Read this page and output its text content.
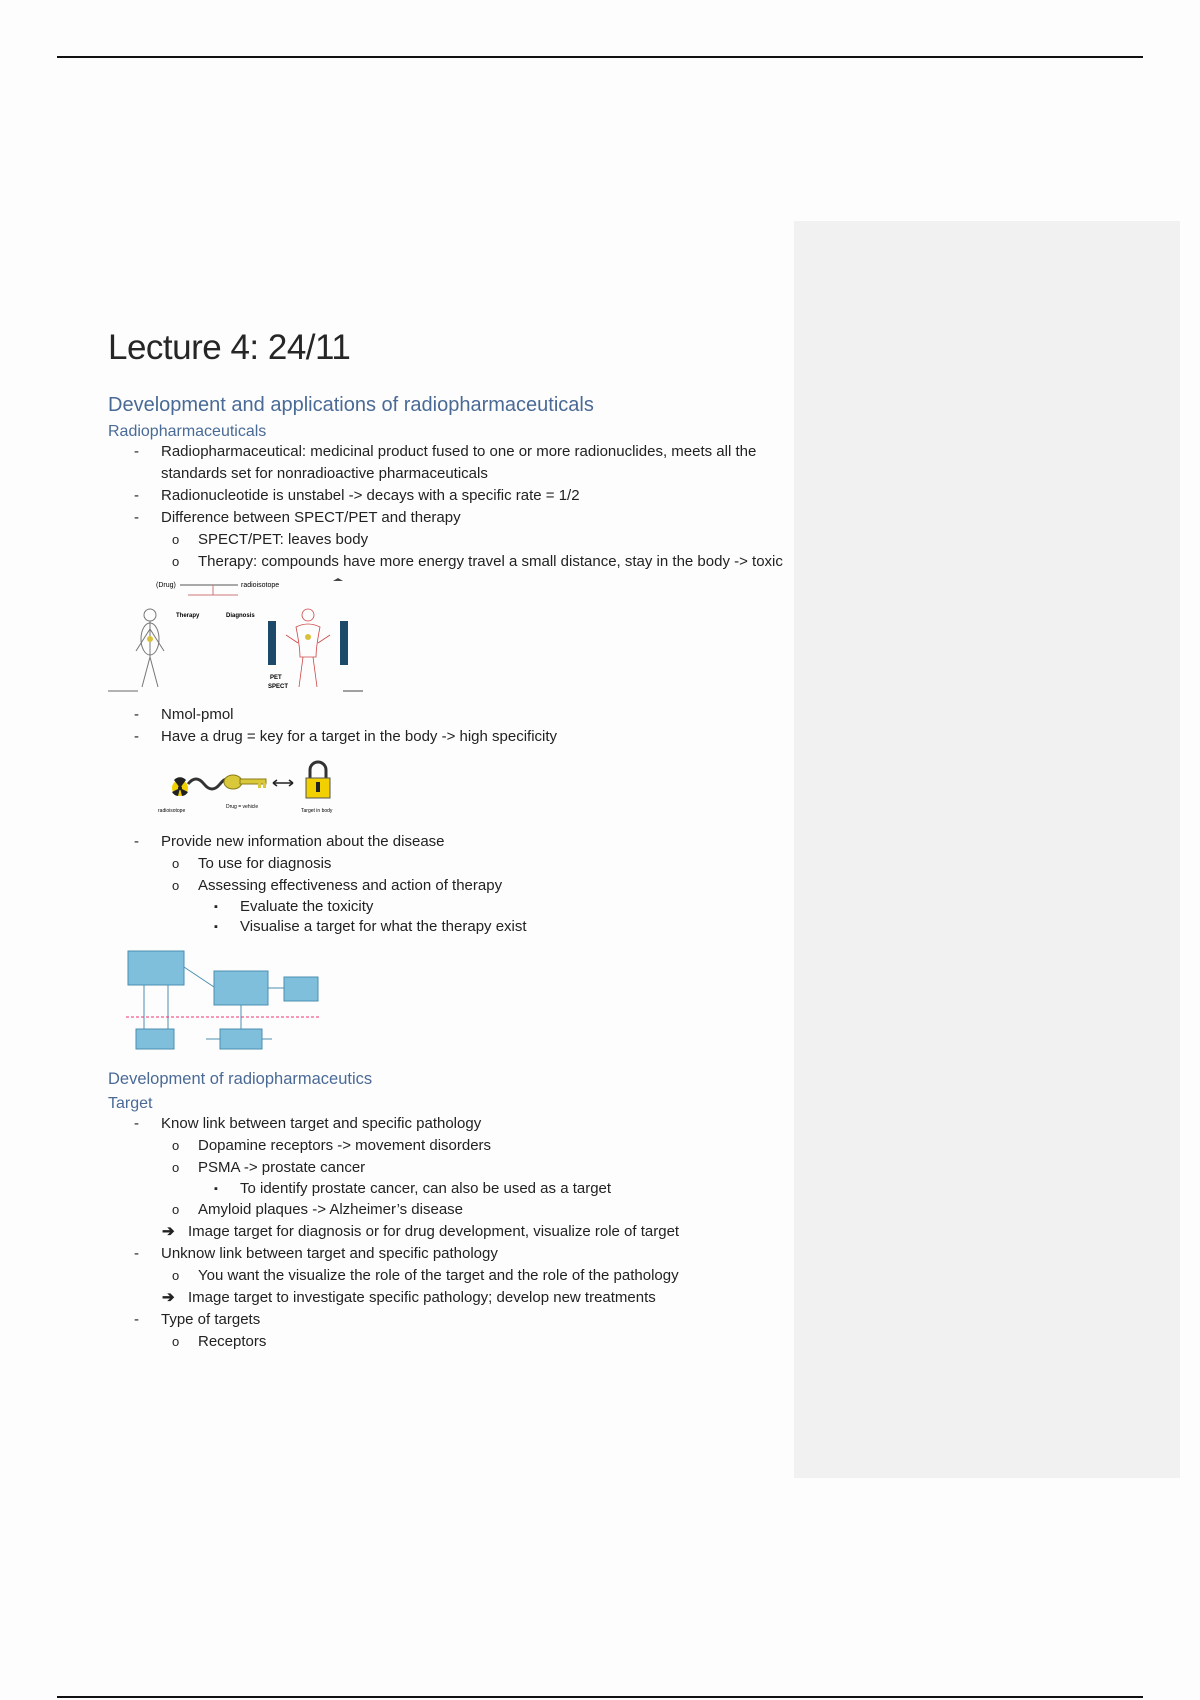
Lecture 4: 24/11
Development and applications of radiopharmaceuticals
Radiopharmaceuticals
- Radiopharmaceutical: medicinal product fused to one or more radionuclides, meets all the standards set for nonradioactive pharmaceuticals
- Radionucleotide is unstabel -> decays with a specific rate = 1/2
- Difference between SPECT/PET and therapy
o SPECT/PET: leaves body
o Therapy: compounds have more energy travel a small distance, stay in the body -> toxic
(Drug)	radioisotope
Therapy	Diagnosis
PET
SPECT
- Nmol-pmol
- Have a drug = key for a target in the body -> high specificity
radioisotope
Drug = vehicle
Target in body
- Provide new information about the disease
o To use for diagnosis
o Assessing effectiveness and action of therapy
▪ Evaluate the toxicity
▪ Visualise a target for what the therapy exist
Development of radiopharmaceutics
Target
- Know link between target and specific pathology
o Dopamine receptors -> movement disorders
o PSMA -> prostate cancer
▪ To identify prostate cancer, can also be used as a target
o Amyloid plaques -> Alzheimer’s disease
➔ Image target for diagnosis or for drug development, visualize role of target
- Unknow link between target and specific pathology
o You want the visualize the role of the target and the role of the pathology
➔ Image target to investigate specific pathology; develop new treatments
- Type of targets
o Receptors
